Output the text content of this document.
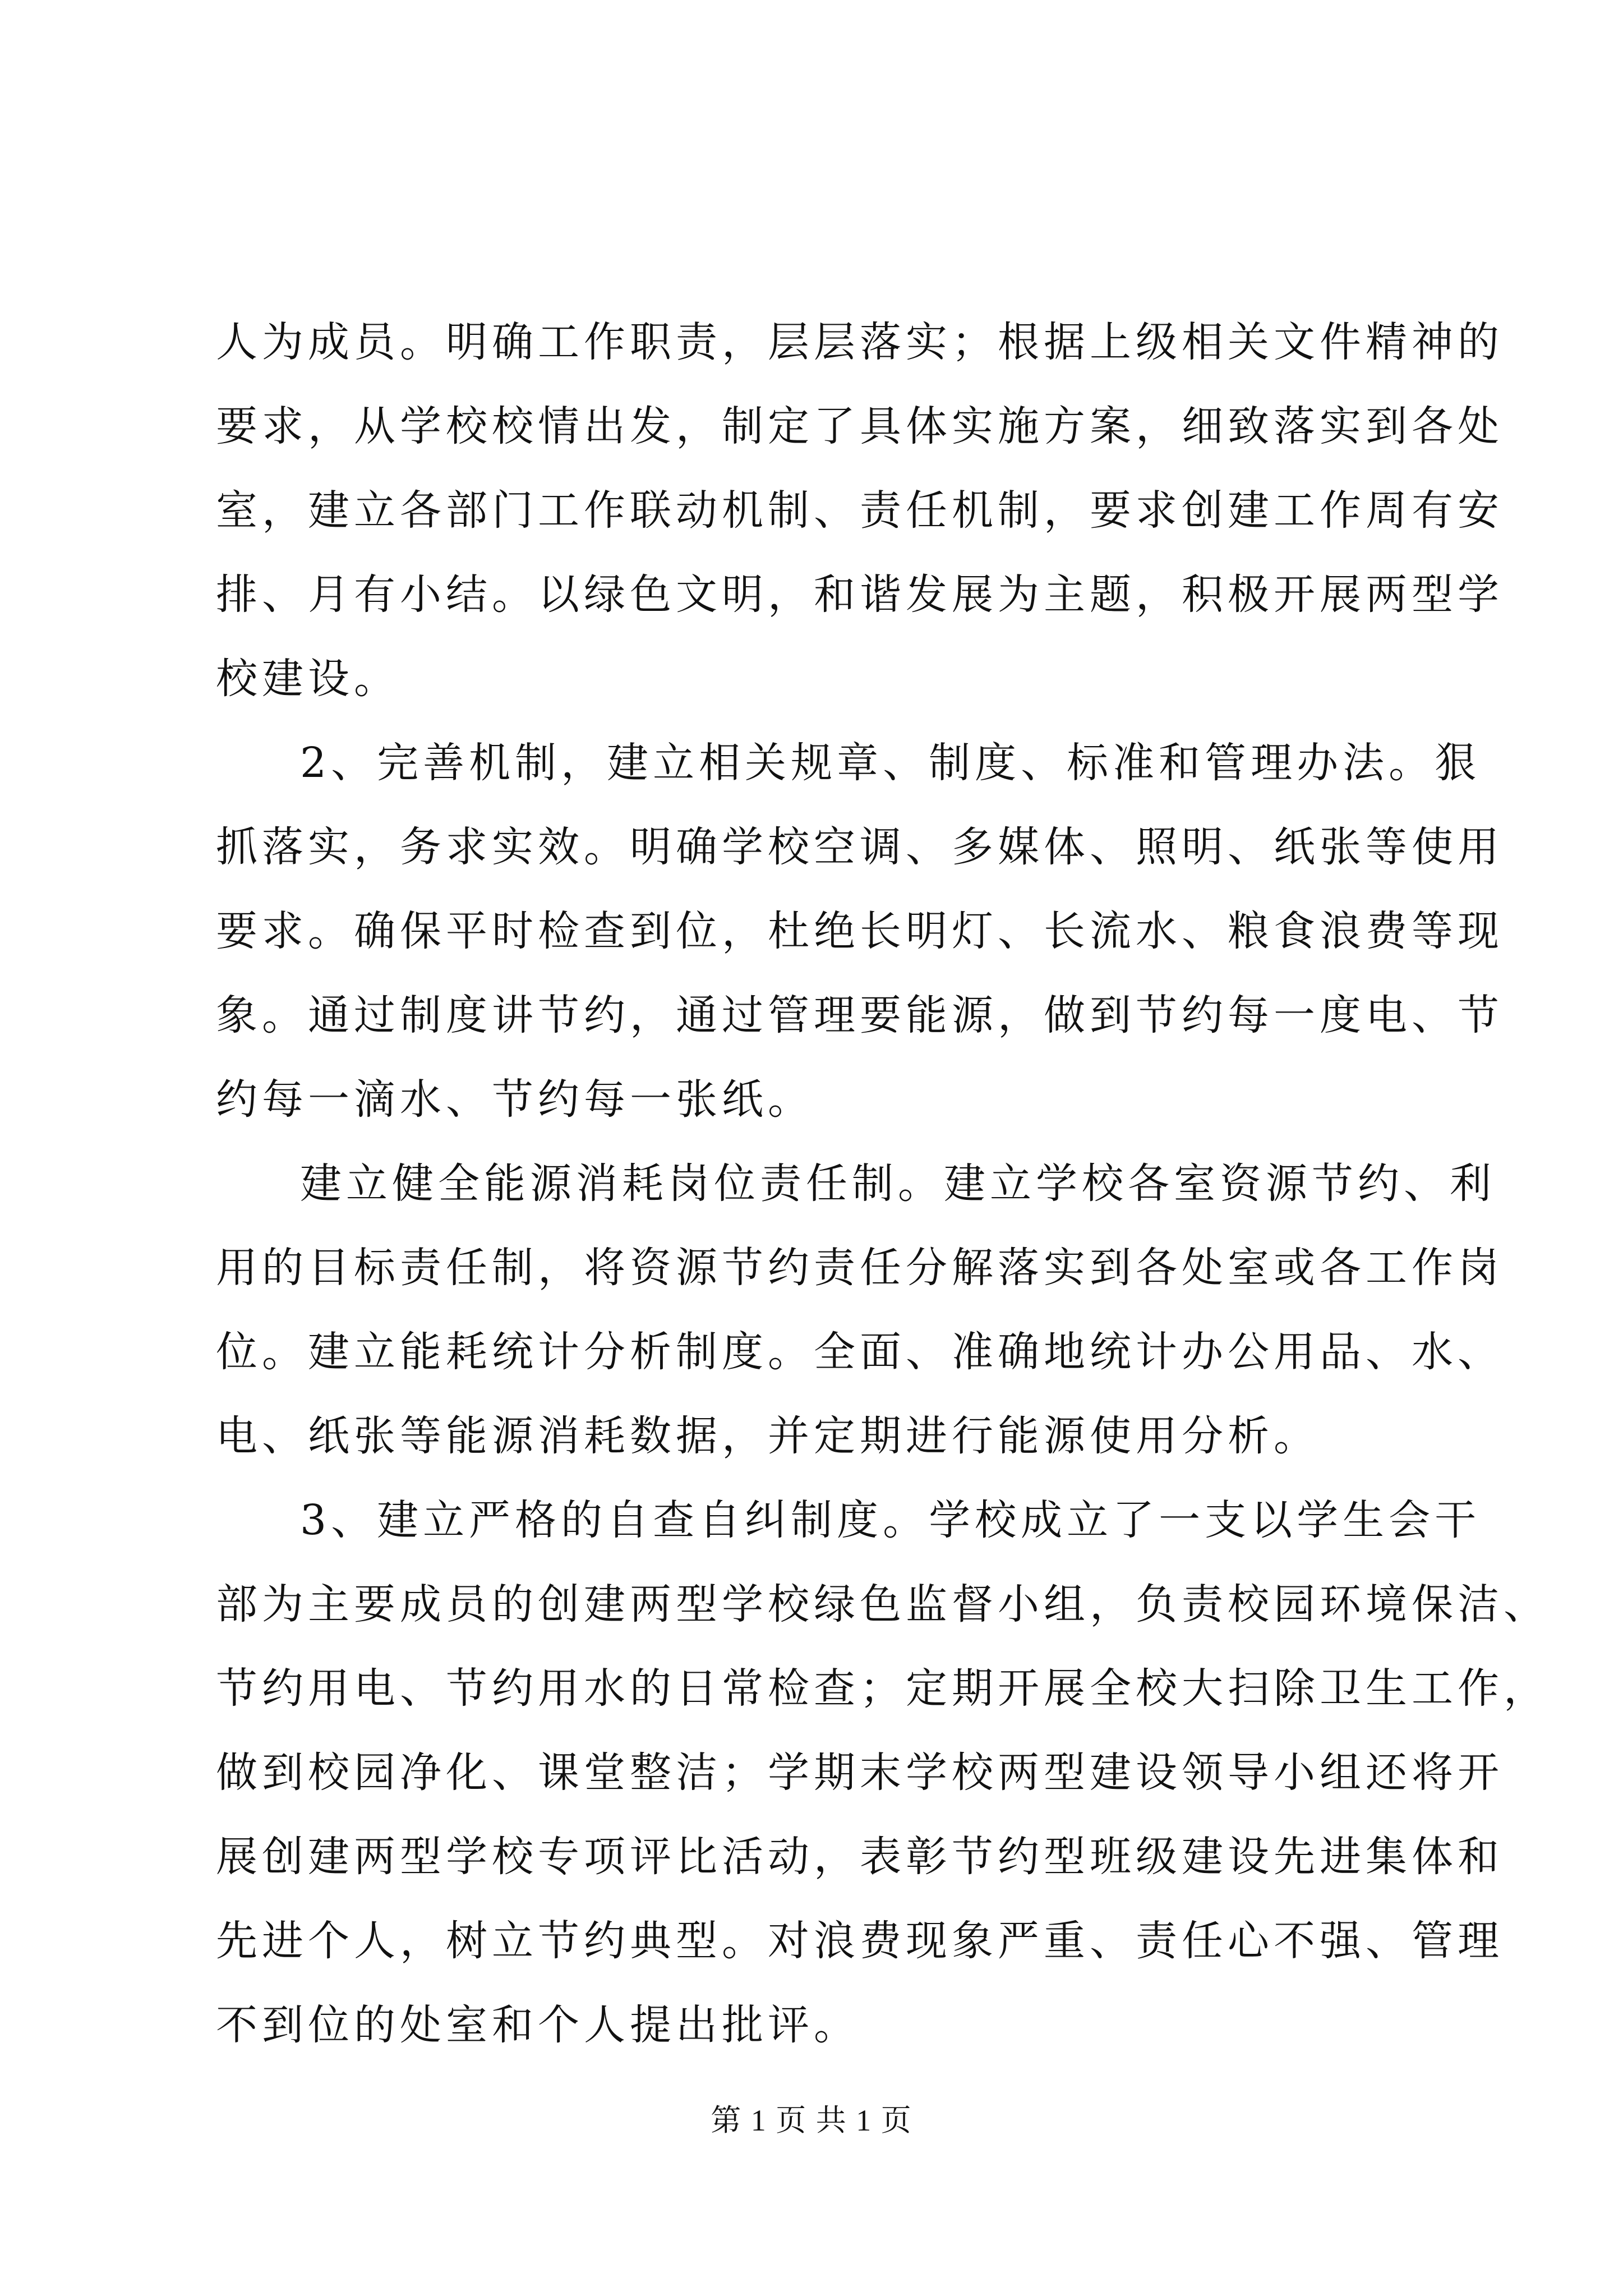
人为成员。明确工作职责，层层落实；根据上级相关文件精神的
要求，从学校校情出发，制定了具体实施方案，细致落实到各处
室，建立各部门工作联动机制、责任机制，要求创建工作周有安
排、月有小结。以绿色文明，和谐发展为主题，积极开展两型学
校建设。
2、完善机制，建立相关规章、制度、标准和管理办法。狠
抓落实，务求实效。明确学校空调、多媒体、照明、纸张等使用
要求。确保平时检查到位，杜绝长明灯、长流水、粮食浪费等现
象。通过制度讲节约，通过管理要能源，做到节约每一度电、节
约每一滴水、节约每一张纸。
建立健全能源消耗岗位责任制。建立学校各室资源节约、利
用的目标责任制，将资源节约责任分解落实到各处室或各工作岗
位。建立能耗统计分析制度。全面、准确地统计办公用品、水、
电、纸张等能源消耗数据，并定期进行能源使用分析。
3、建立严格的自查自纠制度。学校成立了一支以学生会干
部为主要成员的创建两型学校绿色监督小组，负责校园环境保洁、
节约用电、节约用水的日常检查；定期开展全校大扫除卫生工作，
做到校园净化、课堂整洁；学期末学校两型建设领导小组还将开
展创建两型学校专项评比活动，表彰节约型班级建设先进集体和
先进个人，树立节约典型。对浪费现象严重、责任心不强、管理
不到位的处室和个人提出批评。
第 1 页 共 1 页
